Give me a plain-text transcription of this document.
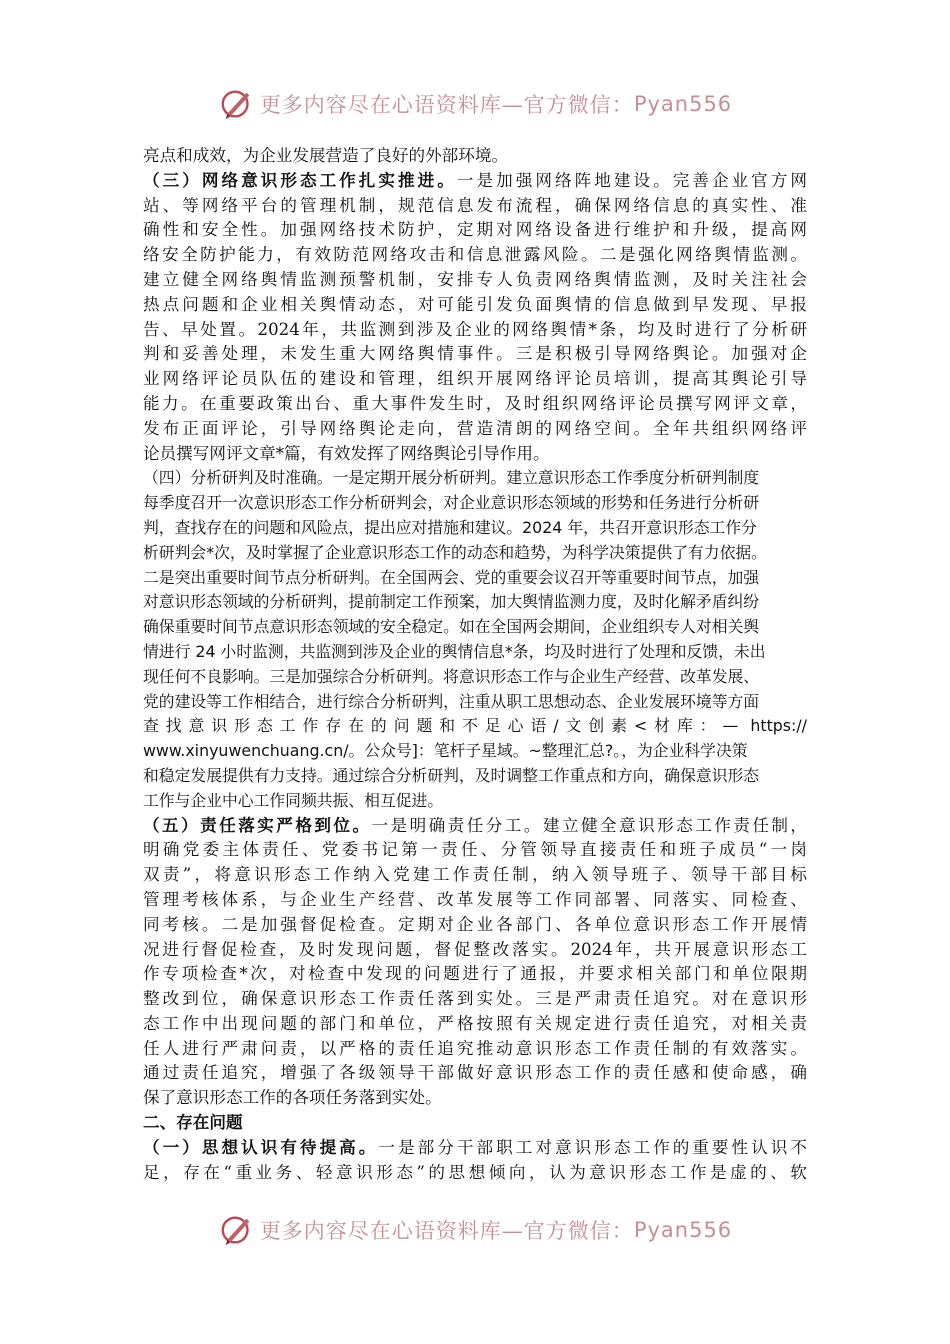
更多内容尽在心语资料库—官方微信： Pyan556
亮点和成效，为企业发展营造了良好的外部环境。
（三）网络意识形态工作扎实推进。一是加强网络阵地建设。完善企业官方网
站、等网络平台的管理机制，规范信息发布流程，确保网络信息的真实性、准
确性和安全性。加强网络技术防护，定期对网络设备进行维护和升级，提高网
络安全防护能力，有效防范网络攻击和信息泄露风险。二是强化网络舆情监测。
建立健全网络舆情监测预警机制，安排专人负责网络舆情监测，及时关注社会
热点问题和企业相关舆情动态，对可能引发负面舆情的信息做到早发现、早报
告、早处置。2024年，共监测到涉及企业的网络舆情*条，均及时进行了分析研
判和妥善处理，未发生重大网络舆情事件。三是积极引导网络舆论。加强对企
业网络评论员队伍的建设和管理，组织开展网络评论员培训，提高其舆论引导
能力。在重要政策出台、重大事件发生时，及时组织网络评论员撰写网评文章，
发布正面评论，引导网络舆论走向，营造清朗的网络空间。全年共组织网络评
论员撰写网评文章*篇，有效发挥了网络舆论引导作用。
（四）分析研判及时准确。一是定期开展分析研判。建立意识形态工作季度分析研判制度
每季度召开一次意识形态工作分析研判会，对企业意识形态领域的形势和任务进行分析研
判，查找存在的问题和风险点，提出应对措施和建议。2024 年，共召开意识形态工作分
析研判会*次，及时掌握了企业意识形态工作的动态和趋势，为科学决策提供了有力依据。
二是突出重要时间节点分析研判。在全国两会、党的重要会议召开等重要时间节点，加强
对意识形态领域的分析研判，提前制定工作预案，加大舆情监测力度，及时化解矛盾纠纷
确保重要时间节点意识形态领域的安全稳定。如在全国两会期间，企业组织专人对相关舆
情进行 24 小时监测，共监测到涉及企业的舆情信息*条，均及时进行了处理和反馈，未出
现任何不良影响。三是加强综合分析研判。将意识形态工作与企业生产经营、改革发展、
党的建设等工作相结合，进行综合分析研判，注重从职工思想动态、企业发展环境等方面
查找意识形态工作存在的问题和不足心语/文创素<材库：— https://
www.xinyuwenchuang.cn/。公众号]：笔杆子星域。~整理汇总?。，为企业科学决策
和稳定发展提供有力支持。通过综合分析研判，及时调整工作重点和方向，确保意识形态
工作与企业中心工作同频共振、相互促进。
（五）责任落实严格到位。一是明确责任分工。建立健全意识形态工作责任制，
明确党委主体责任、党委书记第一责任、分管领导直接责任和班子成员“一岗
双责”，将意识形态工作纳入党建工作责任制，纳入领导班子、领导干部目标
管理考核体系，与企业生产经营、改革发展等工作同部署、同落实、同检查、
同考核。二是加强督促检查。定期对企业各部门、各单位意识形态工作开展情
况进行督促检查，及时发现问题，督促整改落实。2024年，共开展意识形态工
作专项检查*次，对检查中发现的问题进行了通报，并要求相关部门和单位限期
整改到位，确保意识形态工作责任落到实处。三是严肃责任追究。对在意识形
态工作中出现问题的部门和单位，严格按照有关规定进行责任追究，对相关责
任人进行严肃问责，以严格的责任追究推动意识形态工作责任制的有效落实。
通过责任追究，增强了各级领导干部做好意识形态工作的责任感和使命感，确
保了意识形态工作的各项任务落到实处。
二、存在问题
（一）思想认识有待提高。一是部分干部职工对意识形态工作的重要性认识不
足，存在“重业务、轻意识形态”的思想倾向，认为意识形态工作是虚的、软
更多内容尽在心语资料库—官方微信： Pyan556
